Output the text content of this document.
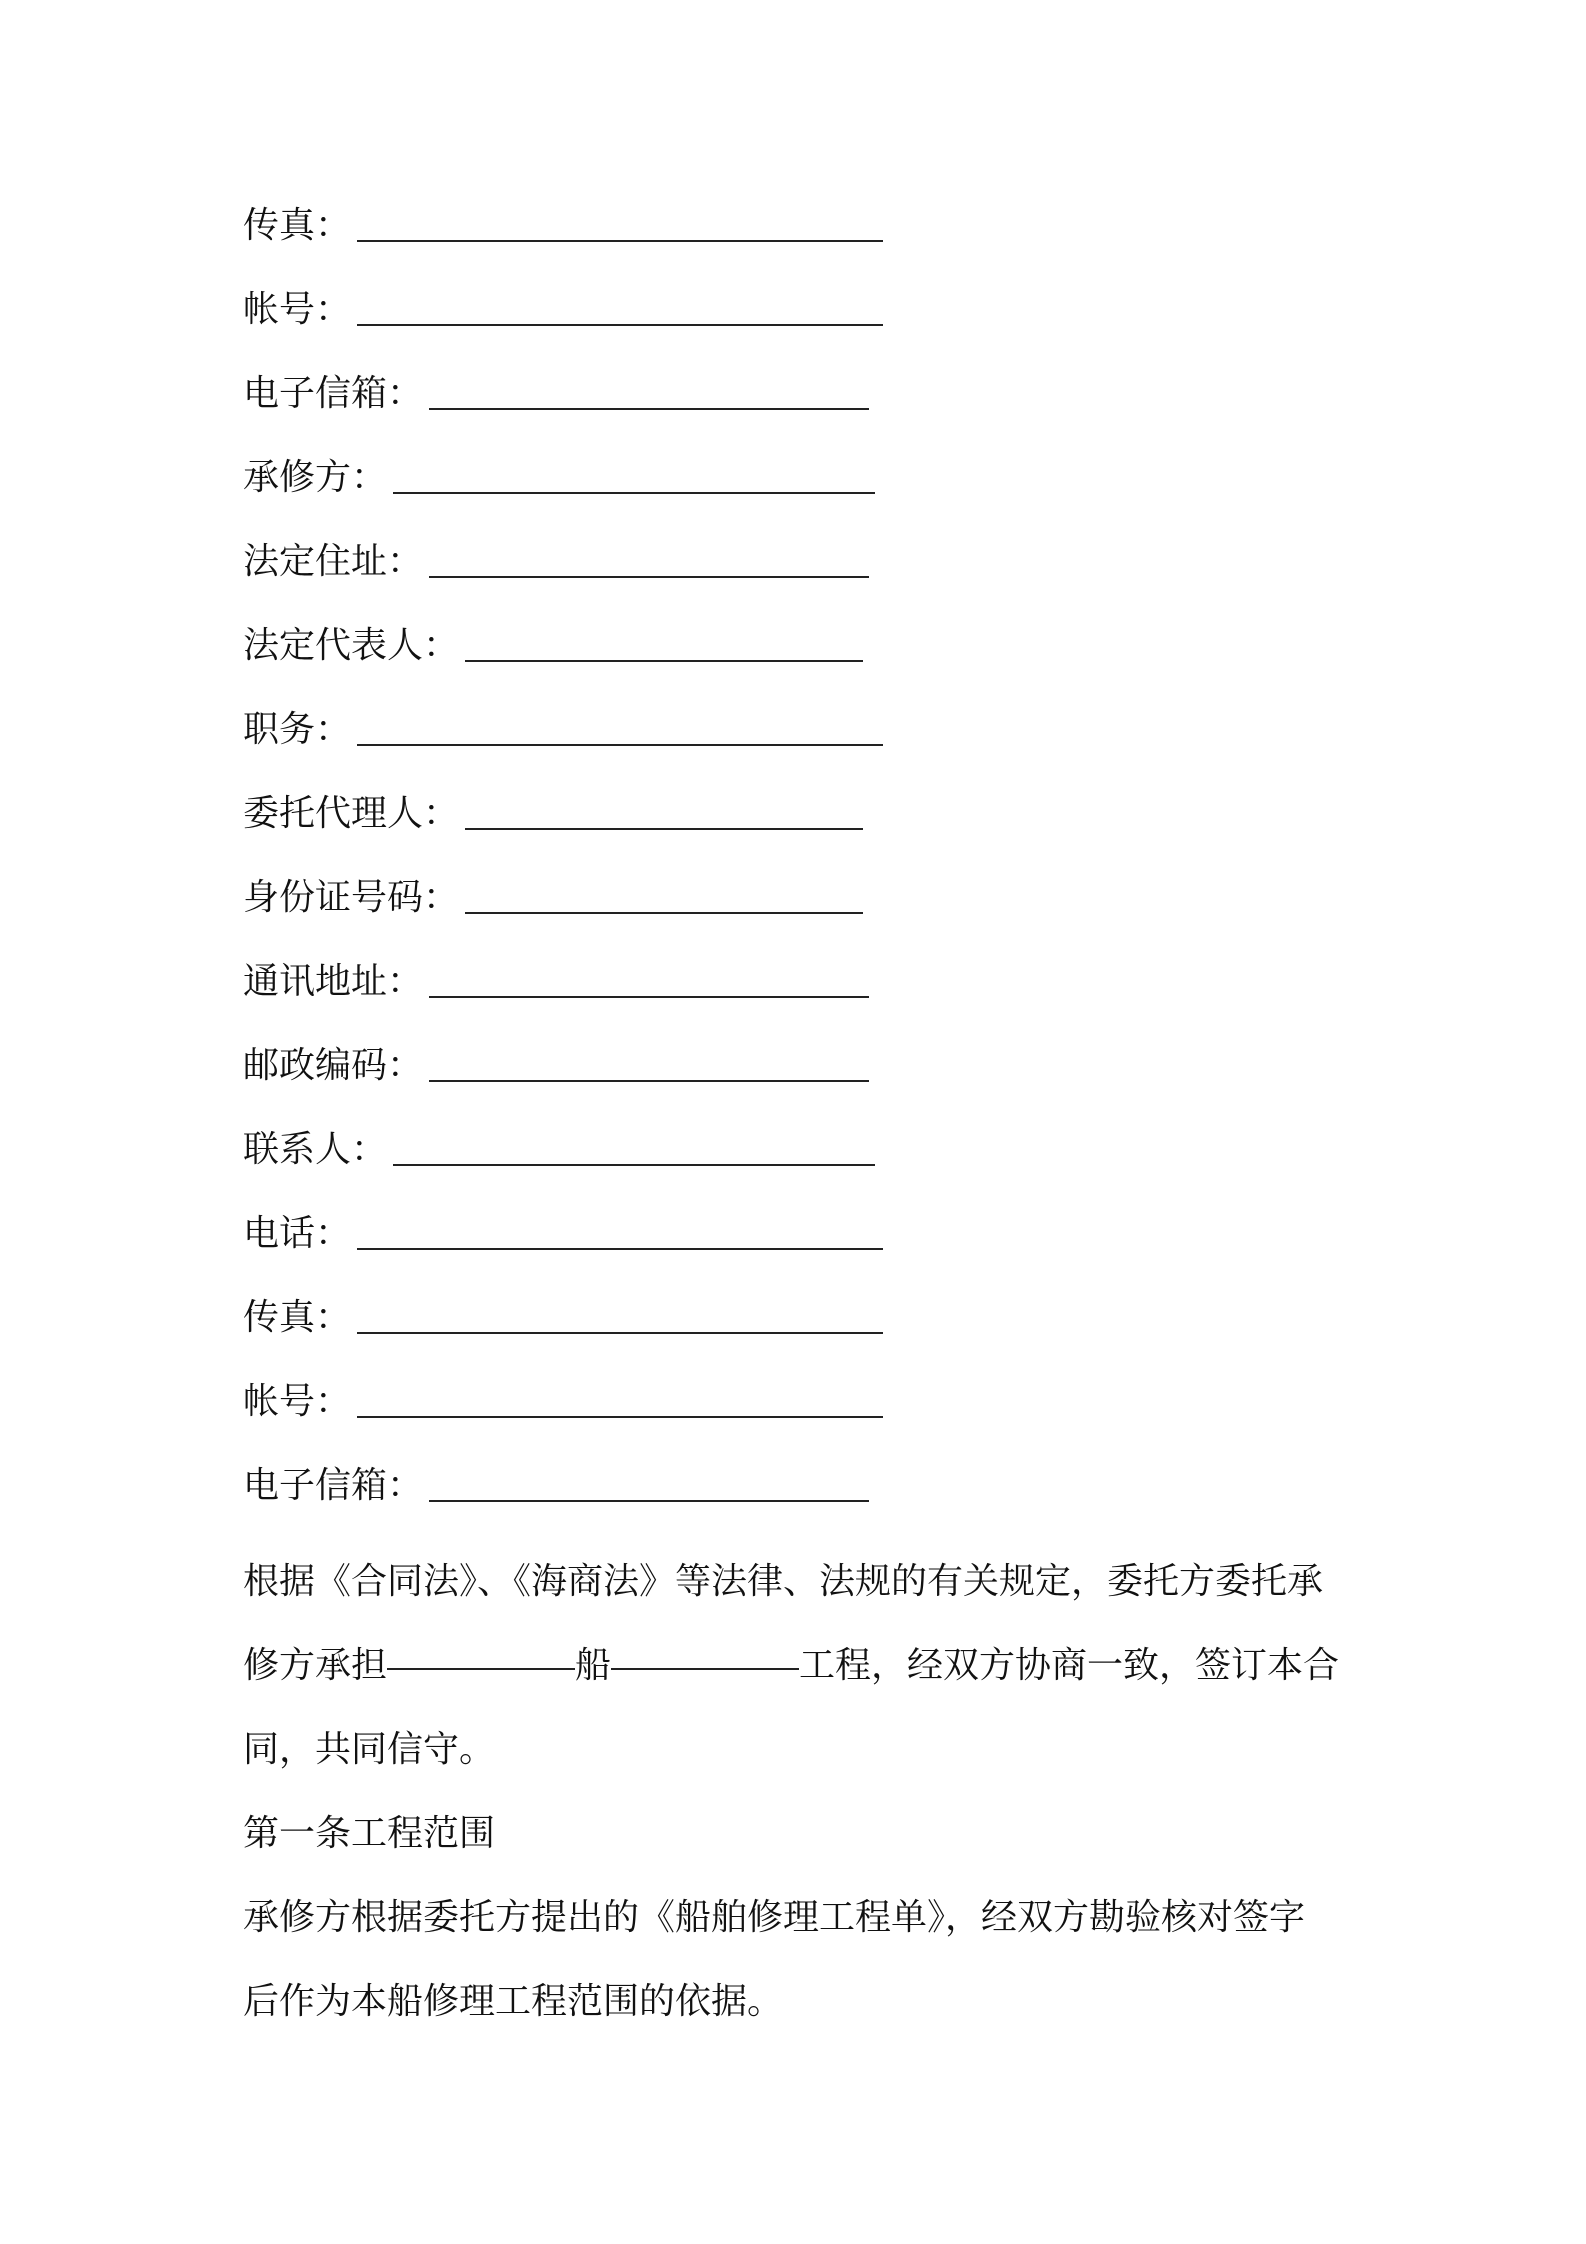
传真：
帐号：
电子信箱：
承修方：
法定住址：
法定代表人：
职务：
委托代理人：
身份证号码：
通讯地址：
邮政编码：
联系人：
电话：
传真：
帐号：
电子信箱：

根据《合同法》、《海商法》等法律、法规的有关规定，委托方委托承
修方承担	船	工程，经双方协商一致，签订本合
同，共同信守。

第一条工程范围

承修方根据委托方提出的《船舶修理工程单》，经双方勘验核对签字
后作为本船修理工程范围的依据。
